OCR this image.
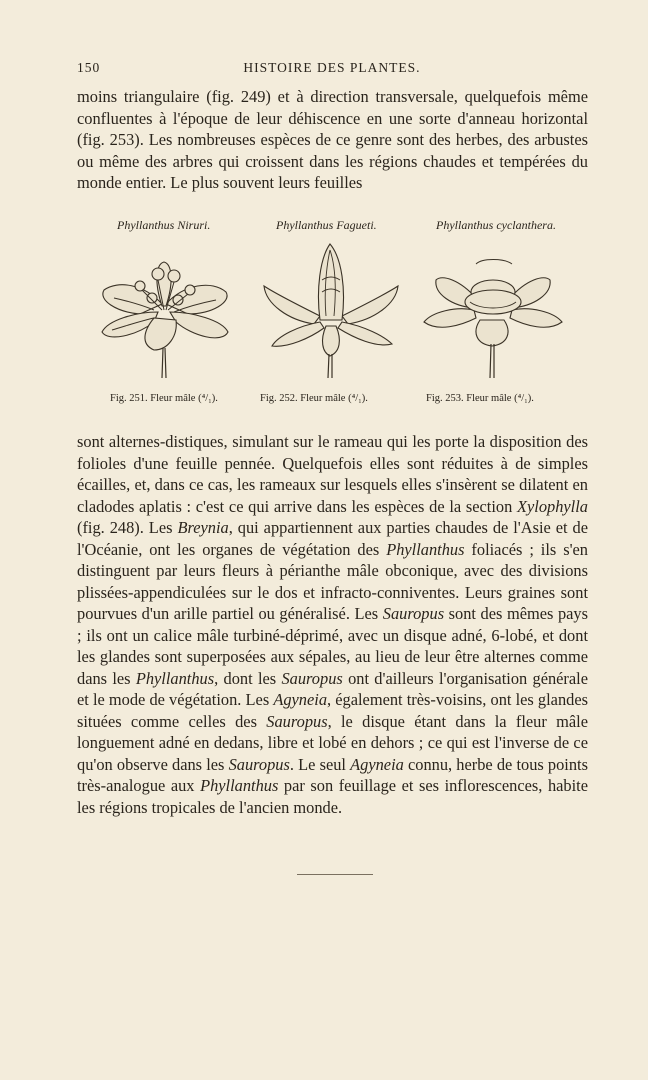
150	HISTOIRE DES PLANTES.

moins triangulaire (fig. 249) et à direction transversale, quelquefois même confluentes à l'époque de leur déhiscence en une sorte d'anneau horizontal (fig. 253). Les nombreuses espèces de ce genre sont des herbes, des arbustes ou même des arbres qui croissent dans les régions chaudes et tempérées du monde entier. Le plus souvent leurs feuilles

Phyllanthus Niruri.	Phyllanthus Fagueti.	Phyllanthus cyclanthera.
Fig. 251. Fleur mâle (⁴/₁).	Fig. 252. Fleur mâle (⁴/₁).	Fig. 253. Fleur mâle (⁴/₁).

sont alternes-distiques, simulant sur le rameau qui les porte la disposition des folioles d'une feuille pennée. Quelquefois elles sont réduites à de simples écailles, et, dans ce cas, les rameaux sur lesquels elles s'insèrent se dilatent en cladodes aplatis : c'est ce qui arrive dans les espèces de la section Xylophylla (fig. 248). Les Breynia, qui appartiennent aux parties chaudes de l'Asie et de l'Océanie, ont les organes de végétation des Phyllanthus foliacés ; ils s'en distinguent par leurs fleurs à périanthe mâle obconique, avec des divisions plissées-appendiculées sur le dos et infracto-conniventes. Leurs graines sont pourvues d'un arille partiel ou généralisé. Les Sauropus sont des mêmes pays ; ils ont un calice mâle turbiné-déprimé, avec un disque adné, 6-lobé, et dont les glandes sont superposées aux sépales, au lieu de leur être alternes comme dans les Phyllanthus, dont les Sauropus ont d'ailleurs l'organisation générale et le mode de végétation. Les Agyneia, également très-voisins, ont les glandes situées comme celles des Sauropus, le disque étant dans la fleur mâle longuement adné en dedans, libre et lobé en dehors ; ce qui est l'inverse de ce qu'on observe dans les Sauropus. Le seul Agyneia connu, herbe de tous points très-analogue aux Phyllanthus par son feuillage et ses inflorescences, habite les régions tropicales de l'ancien monde.
